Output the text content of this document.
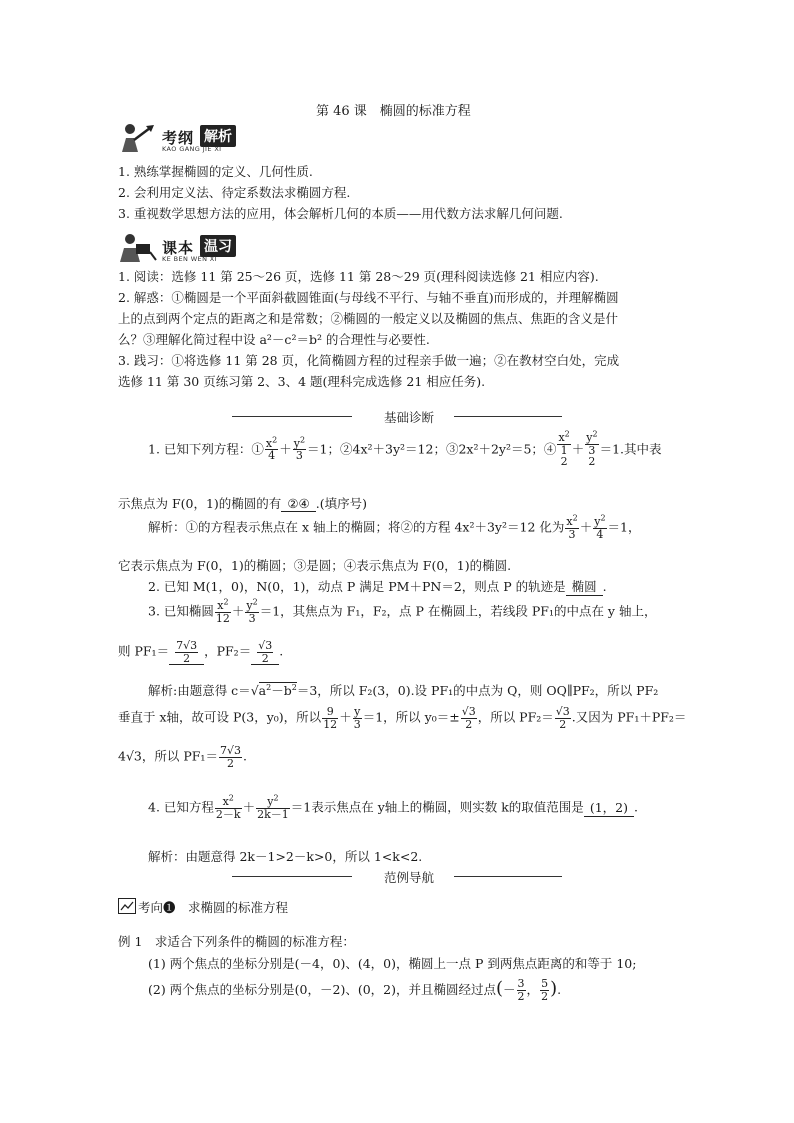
第 46 课　椭圆的标准方程
考纲 解析
KAO GANG JIE XI
1. 熟练掌握椭圆的定义、几何性质.
2. 会利用定义法、待定系数法求椭圆方程.
3. 重视数学思想方法的应用，体会解析几何的本质——用代数方法求解几何问题.
课本 温习
KE BEN WEN XI
1. 阅读：选修 11 第 25～26 页，选修 11 第 28～29 页(理科阅读选修 21 相应内容).
2. 解惑：①椭圆是一个平面斜截圆锥面(与母线不平行、与轴不垂直)而形成的，并理解椭圆
上的点到两个定点的距离之和是常数；②椭圆的一般定义以及椭圆的焦点、焦距的含义是什
么？③理解化简过程中设 a²－c²＝b² 的合理性与必要性.
3. 践习：①将选修 11 第 28 页，化简椭圆方程的过程亲手做一遍；②在教材空白处，完成
选修 11 第 30 页练习第 2、3、4 题(理科完成选修 21 相应任务).
基础诊断
1. 已知下列方程：① $\frac{x^2}{4} + \frac{y^2}{3} =1$；②4x²＋3y²＝12；③2x²＋2y²＝5；④
$x^2$
1
2
＋
$y^2$
3
2
＝1.其中表
示焦点为 F(0，1)的椭圆的有 ②④ .(填序号)
解析：①的方程表示焦点在 x 轴上的椭圆；将②的方程 4x²＋3y²＝12 化为 $\frac{x^2}{3} + \frac{y^2}{4} =1$，
它表示焦点为 F(0，1)的椭圆；③是圆；④表示焦点为 F(0，1)的椭圆.
2. 已知 M(1，0)，N(0，1)，动点 P 满足 PM＋PN＝2，则点 P 的轨迹是 椭圆 .
3. 已知椭圆 $\frac{x^2}{12} + \frac{y^2}{3} =1$，其焦点为 F₁，F₂，点 P 在椭圆上，若线段 PF₁的中点在 y 轴上，
则 $PF_1= \frac{7√3}{2}$ ，$PF_2= \frac{√3}{2}$ .
解析:由题意得 $c=√a^2-b^2=3$，所以 F₂(3，0).设 PF₁的中点为 Q，则 OQ∥PF₂，所以 PF₂
垂直于 x轴，故可设 P(3，y₀)，所以 $\frac{9}{12} + \frac{y}{3} =1$，所以 $y_0=\pm \frac{√3}{2}$ ，所以 $PF_2= \frac{√3}{2}$ .又因为 PF₁＋PF₂＝
4√3，所以 $PF_1= \frac{7√3}{2}$ .
4. 已知方程 $\frac{x^2}{2-k} + \frac{y^2}{2k-1} =1$表示焦点在 y轴上的椭圆，则实数 k的取值范围是 (1，2) .
解析：由题意得 2k－1>2－k>0，所以 1<k<2.
范例导航
考向❶　求椭圆的标准方程
例 1　求适合下列条件的椭圆的标准方程：
(1) 两个焦点的坐标分别是(－4，0)、(4，0)，椭圆上一点 P 到两焦点距离的和等于 10;
(2) 两个焦点的坐标分别是(0，－2)、(0，2)，并且椭圆经过点(－ $\frac{3}{2}$ ， $\frac{5}{2}$ ).
